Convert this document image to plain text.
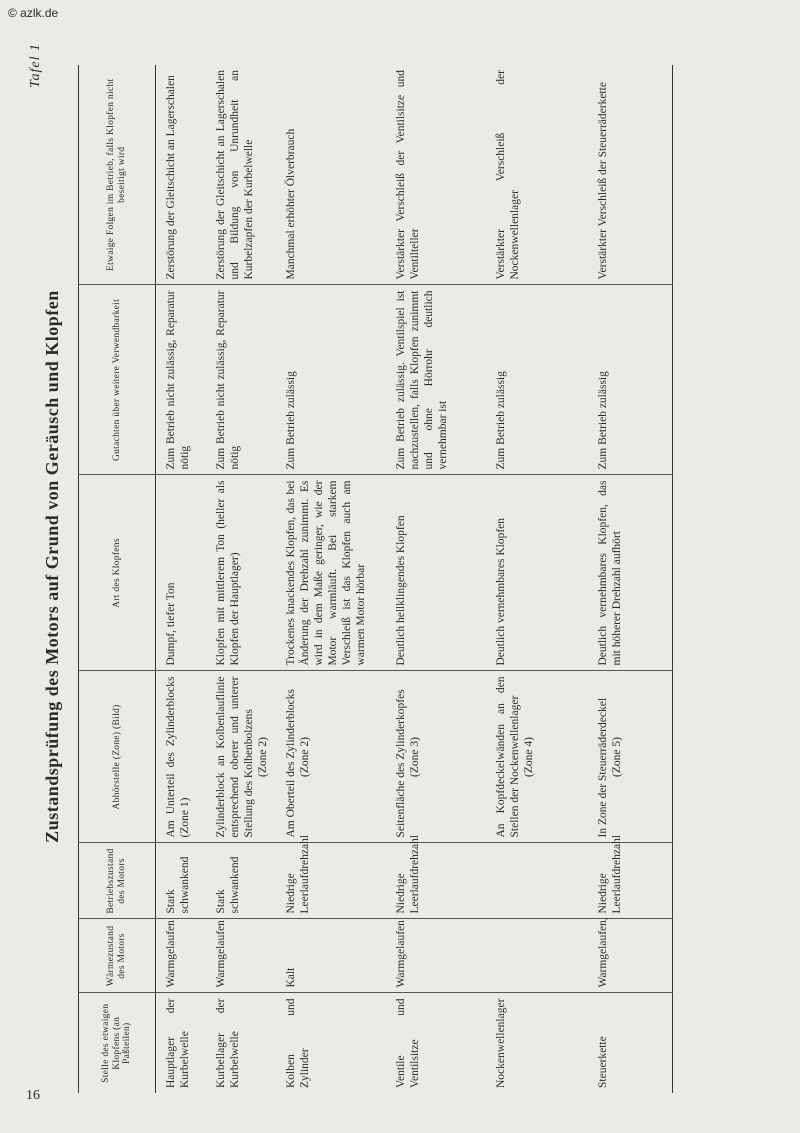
© azlk.de
16
Tafel 1
Zustandsprüfung des Motors auf Grund von Geräusch und Klopfen
Stelle des etwaigen Klopfens (an Paßteilen)	Wärmezustand des Motors	Betriebszustand des Motors	Abhörstelle (Zone) (Bild)	Art des Klopfens	Gutachten über weitere Verwendbarkeit	Etwaige Folgen im Betrieb, falls Klopfen nicht beseitigt wird
Hauptlager der Kurbelwelle	Warmgelaufen	Stark schwankend	Am Unterteil des Zylinderblocks (Zone 1)	Dumpf, tiefer Ton	Zum Betrieb nicht zulässig, Reparatur nötig	Zerstörung der Gleitschicht an Lagerschalen
Kurbellager der Kurbelwelle	Warmgelaufen	Stark schwankend	Zylinderblock an Kolbenlauflinie entsprechend oberer und unterer Stellung des Kolbenbolzens (Zone 2)	Klopfen mit mittlerem Ton (heller als Klopfen der Hauptlager)	Zum Betrieb nicht zulässig, Reparatur nötig	Zerstörung der Gleitschicht an Lagerschalen und Bildung von Unrundheit an Kurbelzapfen der Kurbelwelle
Kolben und Zylinder	Kalt	Niedrige Leerlaufdrehzahl	Am Oberteil des Zylinderblocks (Zone 2)	Trockenes knackendes Klopfen, das bei Änderung der Drehzahl zunimmt. Es wird in dem Maße geringer, wie der Motor warmläuft. Bei starkem Verschleiß ist das Klopfen auch am warmen Motor hörbar	Zum Betrieb zulässig	Manchmal erhöhter Ölverbrauch
Ventile und Ventilsitze	Warmgelaufen	Niedrige Leerlaufdrehzahl	Seitenfläche des Zylinderkopfes (Zone 3)	Deutlich hellklingendes Klopfen	Zum Betrieb zulässig. Ventilspiel ist nachzustellen, falls Klopfen zunimmt und ohne Hörrohr deutlich vernehmbar ist	Verstärkter Verschleiß der Ventilsitze und Ventilteller
Nockenwellenlager			An Kopfdeckelwänden an den Stellen der Nockenwellenlager (Zone 4)	Deutlich vernehmbares Klopfen	Zum Betrieb zulässig	Verstärkter Verschleiß der Nockenwellenlager
Steuerkette	Warmgelaufen,	Niedrige Leerlaufdrehzahl	In Zone der Steuerräderdeckel (Zone 5)	Deutlich vernehmbares Klopfen, das mit höherer Drehzahl aufhört	Zum Betrieb zulässig	Verstärkter Verschleiß der Steuerräderkette
